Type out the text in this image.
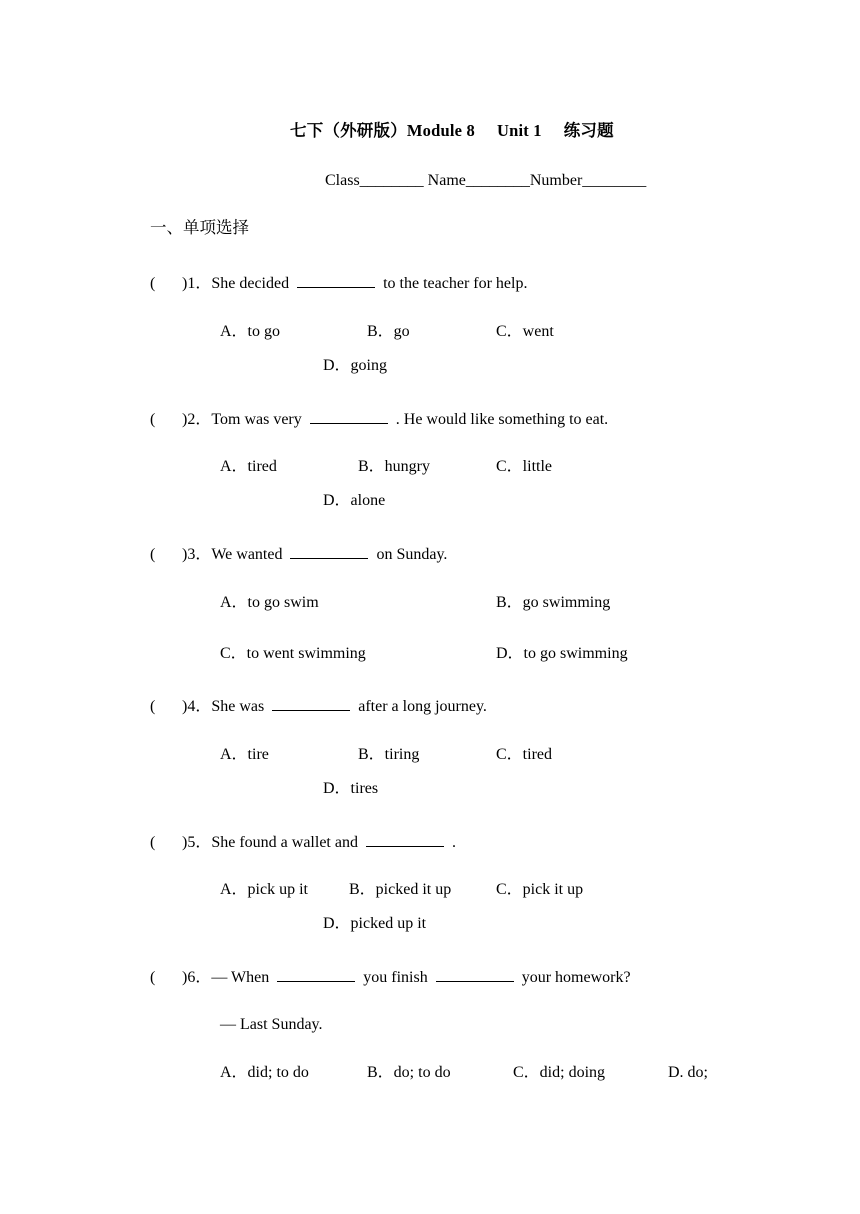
七下（外研版）Module 8 Unit 1 练习题
Class________ Name________Number________
一、单项选择
( )1．She decided	to the teacher for help.
A．to go	B．go	C．went
D．going
( )2．Tom was very	. He would like something to eat.
A．tired	B．hungry	C．little
D．alone
( )3．We wanted	on Sunday.
A．to go swim	B．go swimming
C．to went swimming	D．to go swimming
( )4．She was	after a long journey.
A．tire	B．tiring	C．tired
D．tires
( )5．She found a wallet and	.
A．pick up it	B．picked it up	C．pick it up
D．picked up it
( )6．— When	you finish	your homework?
— Last Sunday.
A．did; to do	B．do; to do	C．did; doing	D. do;
